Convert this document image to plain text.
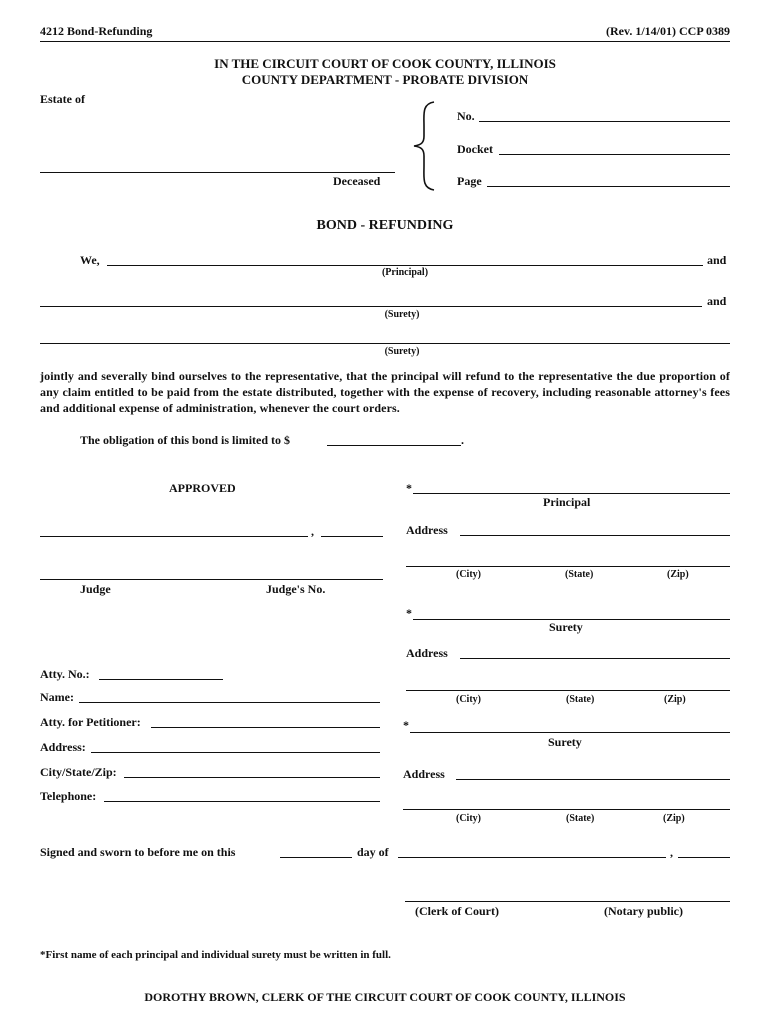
4212 Bond-Refunding	(Rev. 1/14/01) CCP 0389
IN THE CIRCUIT COURT OF COOK COUNTY, ILLINOIS
COUNTY DEPARTMENT - PROBATE DIVISION
Estate of
Deceased
No.
Docket
Page
BOND - REFUNDING
We,	and
(Principal)
and
(Surety)
(Surety)
jointly and severally bind ourselves to the representative, that the principal will refund to the representative the due proportion of any claim entitled to be paid from the estate distributed, together with the expense of recovery, including reasonable attorney's fees and additional expense of administration, whenever the court orders.
The obligation of this bond is limited to $	.
APPROVED
,
Judge	Judge's No.
*
Principal
Address
(City)	(State)	(Zip)
*
Surety
Address
(City)	(State)	(Zip)
*
Surety
Address
(City)	(State)	(Zip)
Atty. No.:
Name:
Atty. for Petitioner:
Address:
City/State/Zip:
Telephone:
Signed and sworn to before me on this	day of	,
(Clerk of Court)	(Notary public)
*First name of each principal and individual surety must be written in full.
DOROTHY BROWN, CLERK OF THE CIRCUIT COURT OF COOK COUNTY, ILLINOIS
